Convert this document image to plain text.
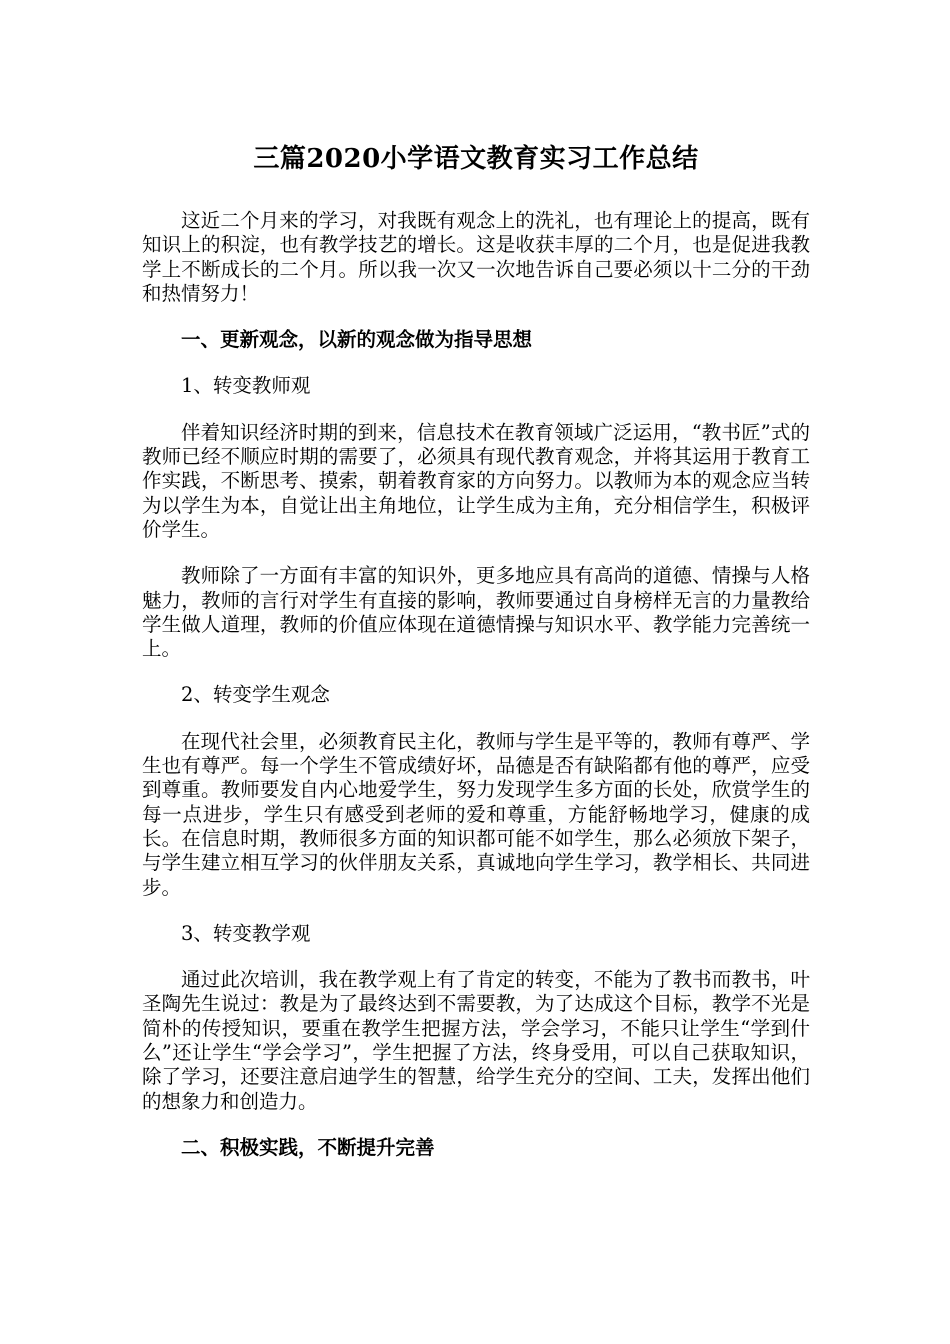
三篇2020小学语文教育实习工作总结

这近二个月来的学习，对我既有观念上的洗礼，也有理论上的提高，既有知识上的积淀，也有教学技艺的增长。这是收获丰厚的二个月，也是促进我教学上不断成长的二个月。所以我一次又一次地告诉自己要必须以十二分的干劲和热情努力！

一、更新观念，以新的观念做为指导思想

1、转变教师观

伴着知识经济时期的到来，信息技术在教育领域广泛运用，“教书匠”式的教师已经不顺应时期的需要了，必须具有现代教育观念，并将其运用于教育工作实践，不断思考、摸索，朝着教育家的方向努力。以教师为本的观念应当转为以学生为本，自觉让出主角地位，让学生成为主角，充分相信学生，积极评价学生。

教师除了一方面有丰富的知识外，更多地应具有高尚的道德、情操与人格魅力，教师的言行对学生有直接的影响，教师要通过自身榜样无言的力量教给学生做人道理，教师的价值应体现在道德情操与知识水平、教学能力完善统一上。

2、转变学生观念

在现代社会里，必须教育民主化，教师与学生是平等的，教师有尊严、学生也有尊严。每一个学生不管成绩好坏，品德是否有缺陷都有他的尊严，应受到尊重。教师要发自内心地爱学生，努力发现学生多方面的长处，欣赏学生的每一点进步，学生只有感受到老师的爱和尊重，方能舒畅地学习，健康的成长。在信息时期，教师很多方面的知识都可能不如学生，那么必须放下架子，与学生建立相互学习的伙伴朋友关系，真诚地向学生学习，教学相长、共同进步。

3、转变教学观

通过此次培训，我在教学观上有了肯定的转变，不能为了教书而教书，叶圣陶先生说过：教是为了最终达到不需要教，为了达成这个目标，教学不光是简朴的传授知识，要重在教学生把握方法，学会学习，不能只让学生“学到什么”还让学生“学会学习”，学生把握了方法，终身受用，可以自己获取知识，除了学习，还要注意启迪学生的智慧，给学生充分的空间、工夫，发挥出他们的想象力和创造力。

二、积极实践，不断提升完善
